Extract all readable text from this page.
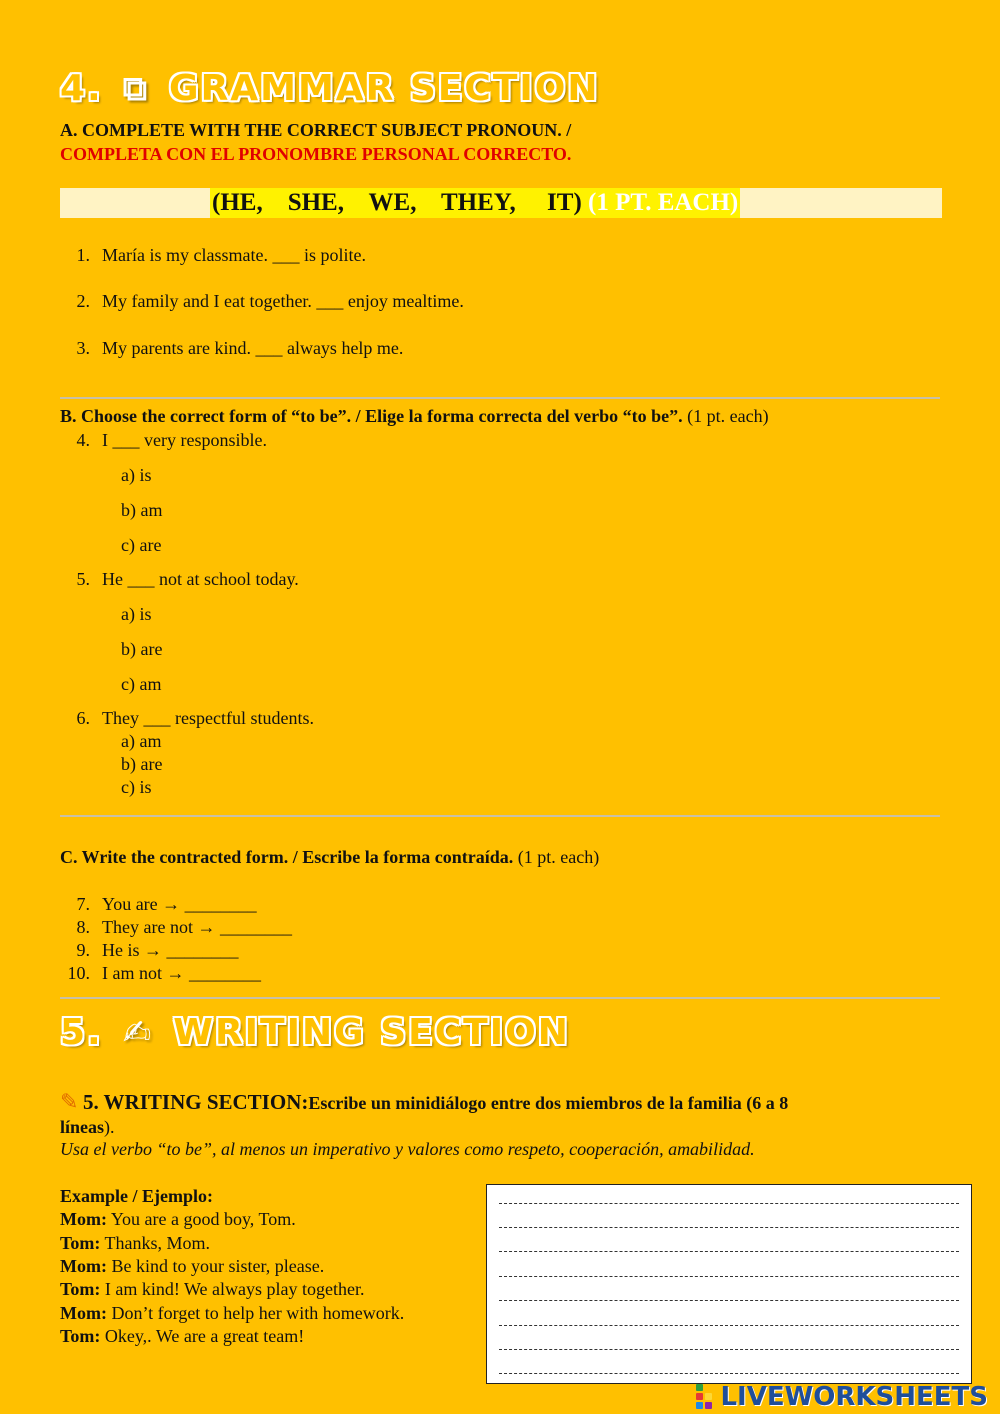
4. ⧉ GRAMMAR SECTION
A. COMPLETE WITH THE CORRECT SUBJECT PRONOUN. /
COMPLETA CON EL PRONOMBRE PERSONAL CORRECTO.
(HE,    SHE,    WE,    THEY,     IT) (1 PT. EACH)
1. María is my classmate. ___ is polite.
2. My family and I eat together. ___ enjoy mealtime.
3. My parents are kind. ___ always help me.
B. Choose the correct form of “to be”. / Elige la forma correcta del verbo “to be”. (1 pt. each)
4. I ___ very responsible.
a) is
b) am
c) are
5. He ___ not at school today.
a) is
b) are
c) am
6. They ___ respectful students.
a) am
b) are
c) is
C. Write the contracted form. / Escribe la forma contraída. (1 pt. each)
7. You are → ________
8. They are not → ________
9. He is → ________
10. I am not → ________
5. ✍ WRITING SECTION
✎ 5. WRITING SECTION:Escribe un minidiálogo entre dos miembros de la familia (6 a 8
líneas).
Usa el verbo “to be”, al menos un imperativo y valores como respeto, cooperación, amabilidad.
Example / Ejemplo:
Mom: You are a good boy, Tom.
Tom: Thanks, Mom.
Mom: Be kind to your sister, please.
Tom: I am kind! We always play together.
Mom: Don’t forget to help her with homework.
Tom: Okey,. We are a great team!
LIVEWORKSHEETS
